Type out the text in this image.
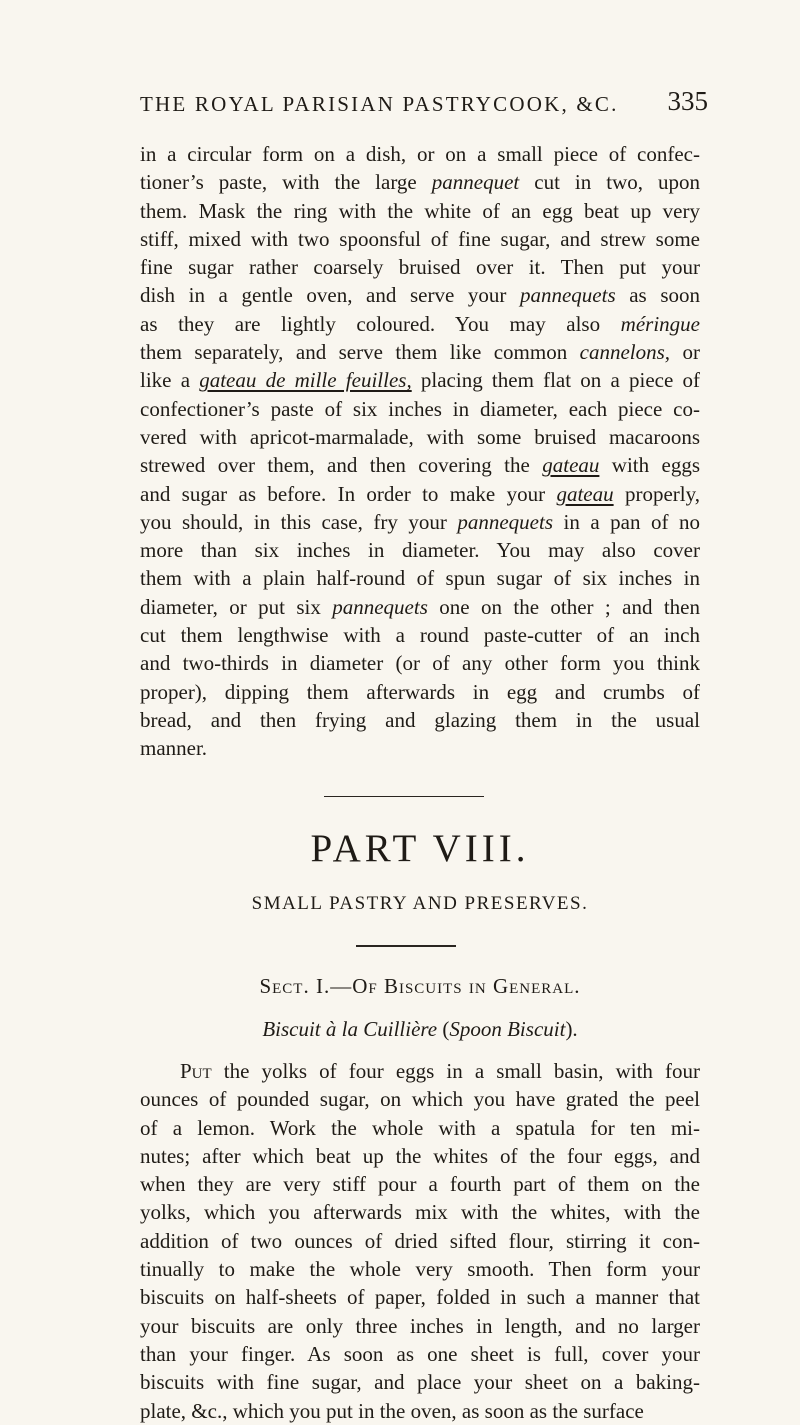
THE ROYAL PARISIAN PASTRYCOOK, &C. 335
in a circular form on a dish, or on a small piece of confec-
tioner’s paste, with the large pannequet cut in two, upon
them. Mask the ring with the white of an egg beat up very
stiff, mixed with two spoonsful of fine sugar, and strew some
fine sugar rather coarsely bruised over it. Then put your
dish in a gentle oven, and serve your pannequets as soon
as they are lightly coloured. You may also méringue
them separately, and serve them like common cannelons, or
like a gateau de mille feuilles, placing them flat on a piece of
confectioner’s paste of six inches in diameter, each piece co-
vered with apricot-marmalade, with some bruised macaroons
strewed over them, and then covering the gateau with eggs
and sugar as before. In order to make your gateau properly,
you should, in this case, fry your pannequets in a pan of no
more than six inches in diameter. You may also cover
them with a plain half-round of spun sugar of six inches in
diameter, or put six pannequets one on the other ; and then
cut them lengthwise with a round paste-cutter of an inch
and two-thirds in diameter (or of any other form you think
proper), dipping them afterwards in egg and crumbs of
bread, and then frying and glazing them in the usual
manner.
PART VIII.
SMALL PASTRY AND PRESERVES.
Sect. I.—Of Biscuits in General.
Biscuit à la Cuillière (Spoon Biscuit).
Put the yolks of four eggs in a small basin, with four
ounces of pounded sugar, on which you have grated the peel
of a lemon. Work the whole with a spatula for ten mi-
nutes; after which beat up the whites of the four eggs, and
when they are very stiff pour a fourth part of them on the
yolks, which you afterwards mix with the whites, with the
addition of two ounces of dried sifted flour, stirring it con-
tinually to make the whole very smooth. Then form your
biscuits on half-sheets of paper, folded in such a manner that
your biscuits are only three inches in length, and no larger
than your finger. As soon as one sheet is full, cover your
biscuits with fine sugar, and place your sheet on a baking-
plate, &c., which you put in the oven, as soon as the surface
